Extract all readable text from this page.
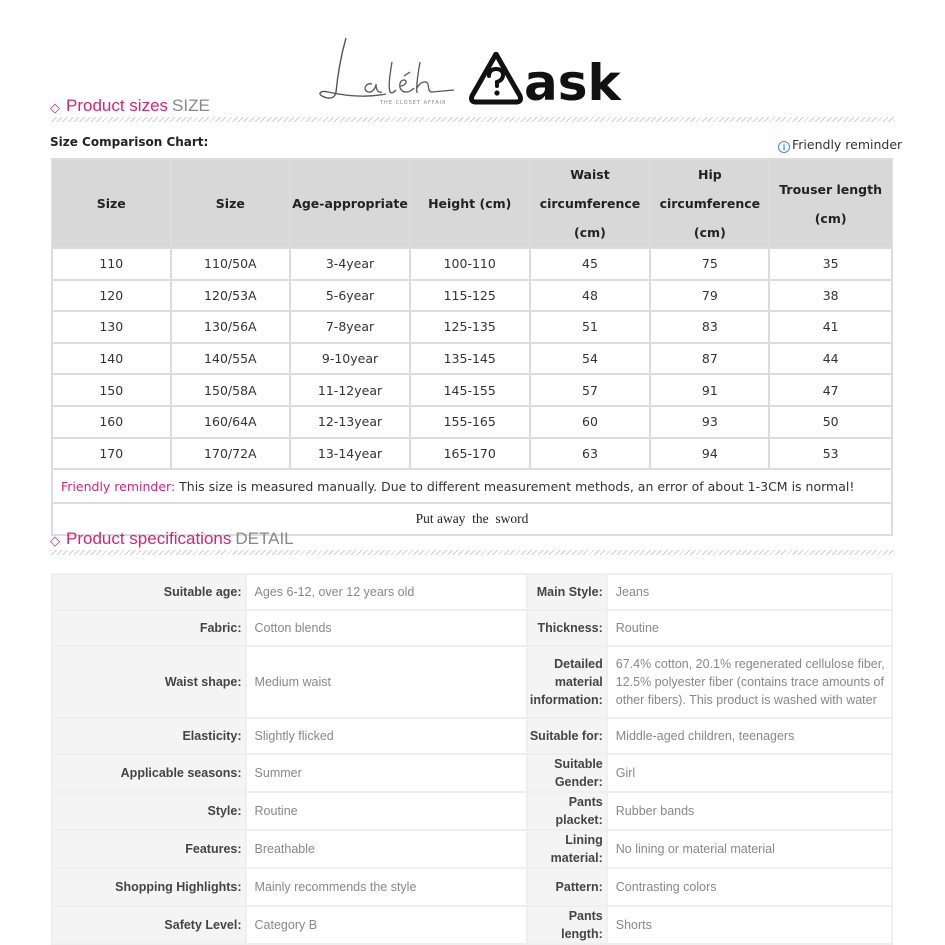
THE CLOSET AFFAIR ask
◇ Product sizes SIZE
Size Comparison Chart:	i Friendly reminder
Size	Size	Age-appropriate	Height (cm)	Waist circumference (cm)	Hip circumference (cm)	Trouser length (cm)
110	110/50A	3-4year	100-110	45	75	35
120	120/53A	5-6year	115-125	48	79	38
130	130/56A	7-8year	125-135	51	83	41
140	140/55A	9-10year	135-145	54	87	44
150	150/58A	11-12year	145-155	57	91	47
160	160/64A	12-13year	155-165	60	93	50
170	170/72A	13-14year	165-170	63	94	53
Friendly reminder: This size is measured manually. Due to different measurement methods, an error of about 1-3CM is normal!						
Put away  the  sword						
◇ Product specifications DETAIL
Suitable age:	Ages 6-12, over 12 years old	Main Style:	Jeans
Fabric:	Cotton blends	Thickness:	Routine
Waist shape:	Medium waist	Detailed material information:	67.4% cotton, 20.1% regenerated cellulose fiber, 12.5% polyester fiber (contains trace amounts of other fibers). This product is washed with water
Elasticity:	Slightly flicked	Suitable for:	Middle-aged children, teenagers
Applicable seasons:	Summer	Suitable Gender:	Girl
Style:	Routine	Pants placket:	Rubber bands
Features:	Breathable	Lining material:	No lining or material material
Shopping Highlights:	Mainly recommends the style	Pattern:	Contrasting colors
Safety Level:	Category B	Pants length:	Shorts
